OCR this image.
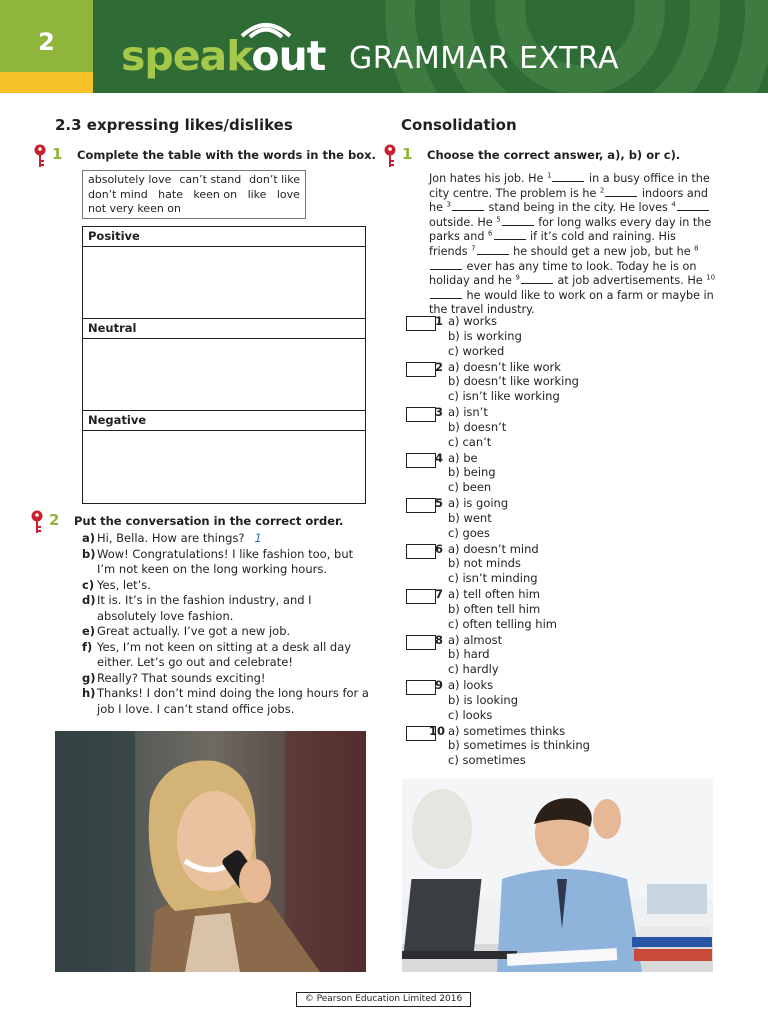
2	speakout GRAMMAR EXTRA
2.3 expressing likes/dislikes
1	Complete the table with the words in the box.
absolutely love can’t stand don’t like
don’t mind hate keen on like love
not very keen on
Positive
Neutral
Negative
2	Put the conversation in the correct order.
a) Hi, Bella. How are things? 1
b) Wow! Congratulations! I like fashion too, but I’m not keen on the long working hours.
c) Yes, let’s.
d) It is. It’s in the fashion industry, and I absolutely love fashion.
e) Great actually. I’ve got a new job.
f) Yes, I’m not keen on sitting at a desk all day either. Let’s go out and celebrate!
g) Really? That sounds exciting!
h) Thanks! I don’t mind doing the long hours for a job I love. I can’t stand office jobs.
Consolidation
1	Choose the correct answer, a), b) or c).
Jon hates his job. He $^1$	in a busy office in the city centre. The problem is he $^2$	indoors and he $^3$	stand being in the city. He loves $^4$ outside. He $^5$	for long walks every day in the parks and $^6$	if it’s cold and raining. His friends $^7$	he should get a new job, but he $^8$ ever has any time to look. Today he is on holiday and he $^9$	at job advertisements. He $^{10}$ he would like to work on a farm or maybe in the travel industry.
1 a) works
b) is working
c) worked
2 a) doesn’t like work
b) doesn’t like working
c) isn’t like working
3 a) isn’t
b) doesn’t
c) can’t
4 a) be
b) being
c) been
5 a) is going
b) went
c) goes
6 a) doesn’t mind
b) not minds
c) isn’t minding
7 a) tell often him
b) often tell him
c) often telling him
8 a) almost
b) hard
c) hardly
9 a) looks
b) is looking
c) looks
10 a) sometimes thinks
b) sometimes is thinking
c) sometimes
© Pearson Education Limited 2016
